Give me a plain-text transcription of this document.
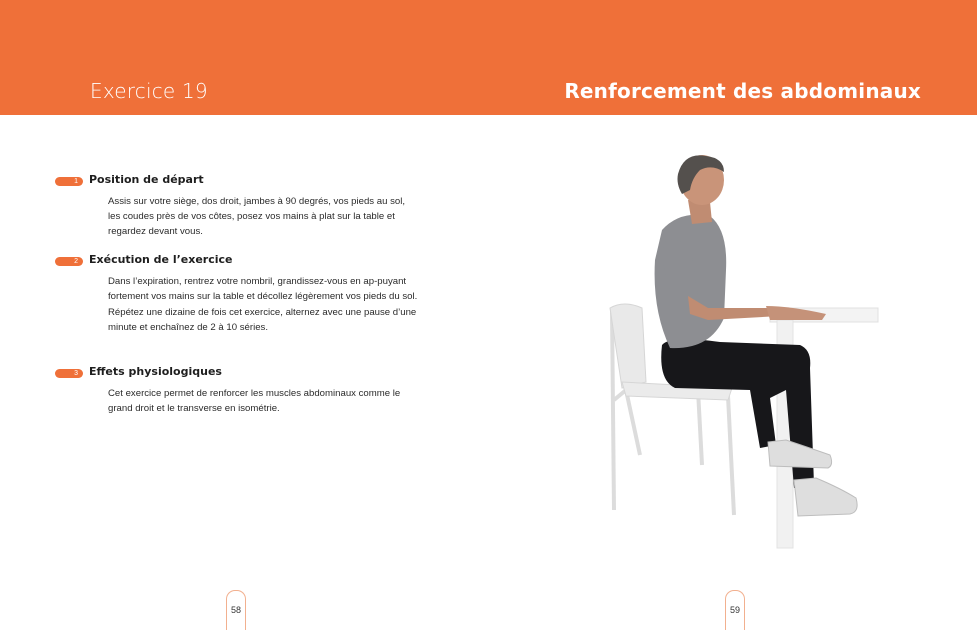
Exercice 19	Renforcement des abdominaux
1	Position de départ

Assis sur votre siège, dos droit, jambes à 90 degrés, vos pieds au sol, les coudes près de vos côtes, posez vos mains à plat sur la table et regardez devant vous.

2	Exécution de l’exercice

Dans l’expiration, rentrez votre nombril, grandissez-vous en ap-puyant fortement vos mains sur la table et décollez légèrement vos pieds du sol.

Répétez une dizaine de fois cet exercice, alternez avec une pause d’une minute et enchaînez de 2 à 10 séries.

3	Effets physiologiques

Cet exercice permet de renforcer les muscles abdominaux comme le grand droit et le transverse en isométrie.

58	59
